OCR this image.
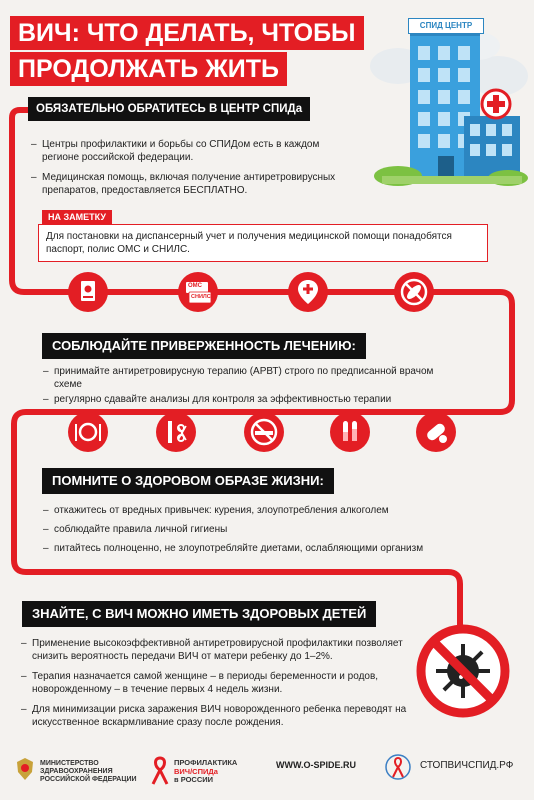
ВИЧ: ЧТО ДЕЛАТЬ, ЧТОБЫ
ПРОДОЛЖАТЬ ЖИТЬ
СПИД ЦЕНТР
ОБЯЗАТЕЛЬНО ОБРАТИТЕСЬ В ЦЕНТР СПИДа
– Центры профилактики и борьбы со СПИДом есть в каждом регионе российской федерации.
– Медицинская помощь, включая получение антиретровирусных препаратов, предоставляется БЕСПЛАТНО.
НА ЗАМЕТКУ
Для постановки на диспансерный учет и получения медицинской помощи понадобятся паспорт, полис ОМС и СНИЛС.
ОМС
СНИЛС
СОБЛЮДАЙТЕ ПРИВЕРЖЕННОСТЬ ЛЕЧЕНИЮ:
– принимайте антиретровирусную терапию (АРВТ) строго по предписанной врачом схеме
– регулярно сдавайте анализы для контроля за эффективностью терапии
ПОМНИТЕ О ЗДОРОВОМ ОБРАЗЕ ЖИЗНИ:
– откажитесь от вредных привычек: курения, злоупотребления алкоголем
– соблюдайте правила личной гигиены
– питайтесь полноценно, не злоупотребляйте диетами, ослабляющими организм
ЗНАЙТЕ, С ВИЧ МОЖНО ИМЕТЬ ЗДОРОВЫХ ДЕТЕЙ
– Применение высокоэффективной антиретровирусной профилактики позволяет снизить вероятность передачи ВИЧ от матери ребенку до 1–2%.
– Терапия назначается самой женщине – в периоды беременности и родов, новорожденному – в течение первых 4 недель жизни.
– Для минимизации риска заражения ВИЧ новорожденного ребенка переводят на искусственное вскармливание сразу после рождения.
МИНИСТЕРСТВО
ЗДРАВООХРАНЕНИЯ
РОССИЙСКОЙ ФЕДЕРАЦИИ
ПРОФИЛАКТИКА
ВИЧ/СПИДа
в РОССИИ
WWW.O-SPIDE.RU	СТОПВИЧСПИД.РФ
